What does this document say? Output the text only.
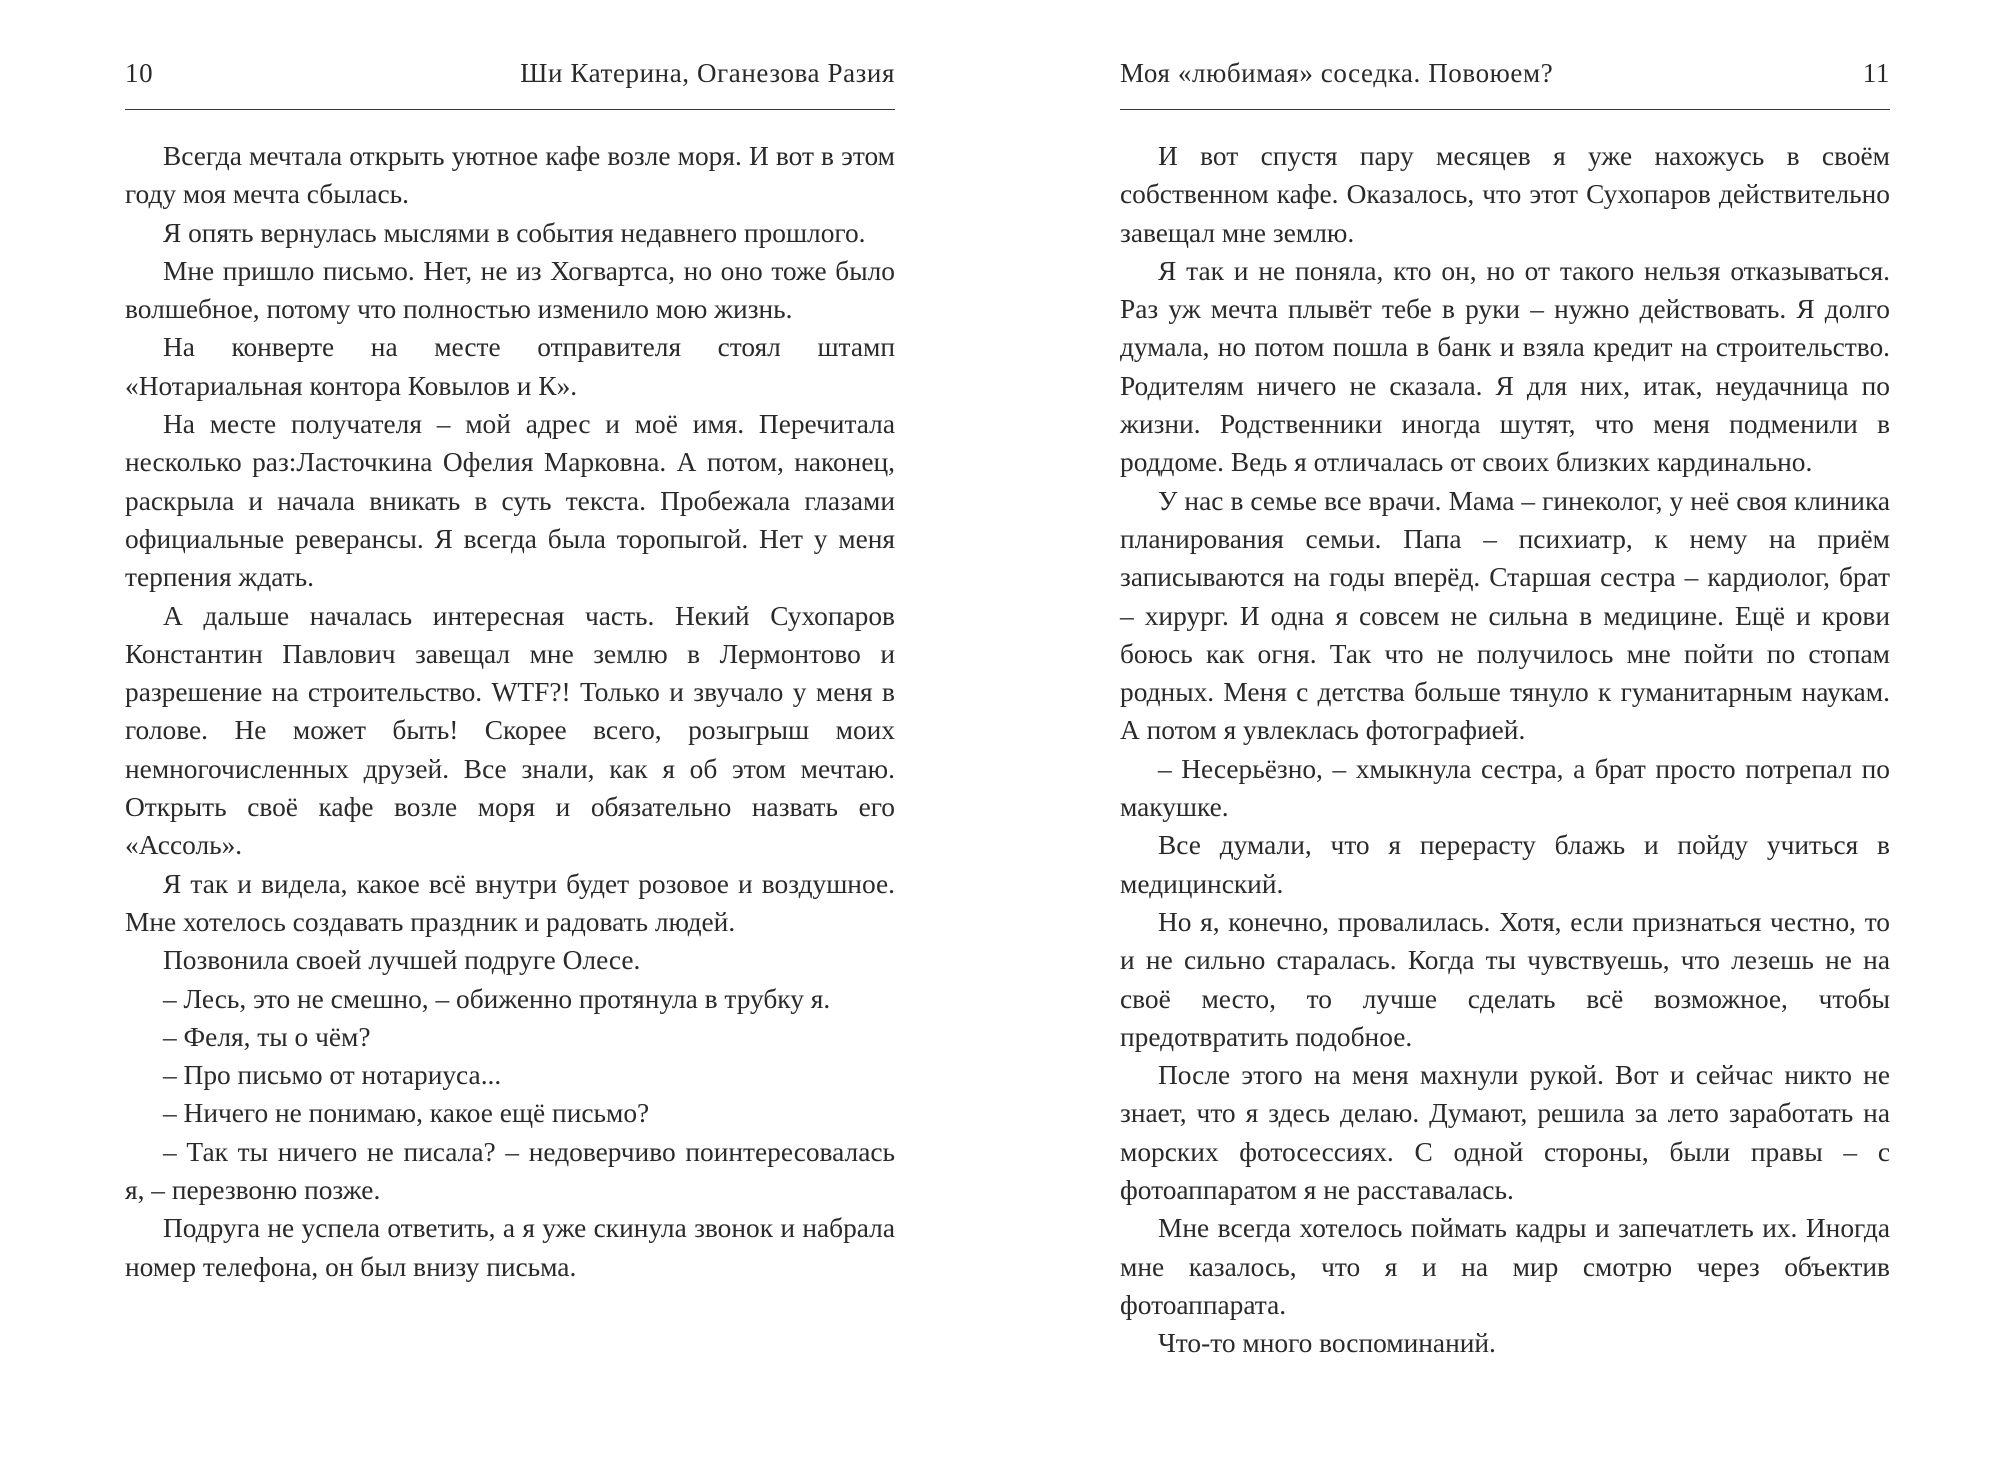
10	Ши Катерина, Оганезова Разия

Всегда мечтала открыть уютное кафе возле моря. И вот в этом году моя мечта сбылась.

Я опять вернулась мыслями в события недавнего прошлого.

Мне пришло письмо. Нет, не из Хогвартса, но оно тоже было волшебное, потому что полностью изменило мою жизнь.

На конверте на месте отправителя стоял штамп «Нотариальная контора Ковылов и К».

На месте получателя – мой адрес и моё имя. Перечитала несколько раз:Ласточкина Офелия Марковна. А потом, наконец, раскрыла и начала вникать в суть текста. Пробежала глазами официальные реверансы. Я всегда была торопыгой. Нет у меня терпения ждать.

А дальше началась интересная часть. Некий Сухопаров Константин Павлович завещал мне землю в Лермонтово и разрешение на строительство. WTF?! Только и звучало у меня в голове. Не может быть! Скорее всего, розыгрыш моих немногочисленных друзей. Все знали, как я об этом мечтаю. Открыть своё кафе возле моря и обязательно назвать его «Ассоль».

Я так и видела, какое всё внутри будет розовое и воздушное. Мне хотелось создавать праздник и радовать людей.

Позвонила своей лучшей подруге Олесе.

– Лесь, это не смешно, – обиженно протянула в трубку я.

– Феля, ты о чём?

– Про письмо от нотариуса...

– Ничего не понимаю, какое ещё письмо?

– Так ты ничего не писала? – недоверчиво поинтересовалась я, – перезвоню позже.

Подруга не успела ответить, а я уже скинула звонок и набрала номер телефона, он был внизу письма.

Моя «любимая» соседка. Повоюем?	11

И вот спустя пару месяцев я уже нахожусь в своём собственном кафе. Оказалось, что этот Сухопаров действительно завещал мне землю.

Я так и не поняла, кто он, но от такого нельзя отказываться. Раз уж мечта плывёт тебе в руки – нужно действовать. Я долго думала, но потом пошла в банк и взяла кредит на строительство. Родителям ничего не сказала. Я для них, итак, неудачница по жизни. Родственники иногда шутят, что меня подменили в роддоме. Ведь я отличалась от своих близких кардинально.

У нас в семье все врачи. Мама – гинеколог, у неё своя клиника планирования семьи. Папа – психиатр, к нему на приём записываются на годы вперёд. Старшая сестра – кардиолог, брат – хирург. И одна я совсем не сильна в медицине. Ещё и крови боюсь как огня. Так что не получилось мне пойти по стопам родных. Меня с детства больше тянуло к гуманитарным наукам. А потом я увлеклась фотографией.

– Несерьёзно, – хмыкнула сестра, а брат просто потрепал по макушке.

Все думали, что я перерасту блажь и пойду учиться в медицинский.

Но я, конечно, провалилась. Хотя, если признаться честно, то и не сильно старалась. Когда ты чувствуешь, что лезешь не на своё место, то лучше сделать всё возможное, чтобы предотвратить подобное.

После этого на меня махнули рукой. Вот и сейчас никто не знает, что я здесь делаю. Думают, решила за лето заработать на морских фотосессиях. С одной стороны, были правы – с фотоаппаратом я не расставалась.

Мне всегда хотелось поймать кадры и запечатлеть их. Иногда мне казалось, что я и на мир смотрю через объектив фотоаппарата.

Что-то много воспоминаний.
